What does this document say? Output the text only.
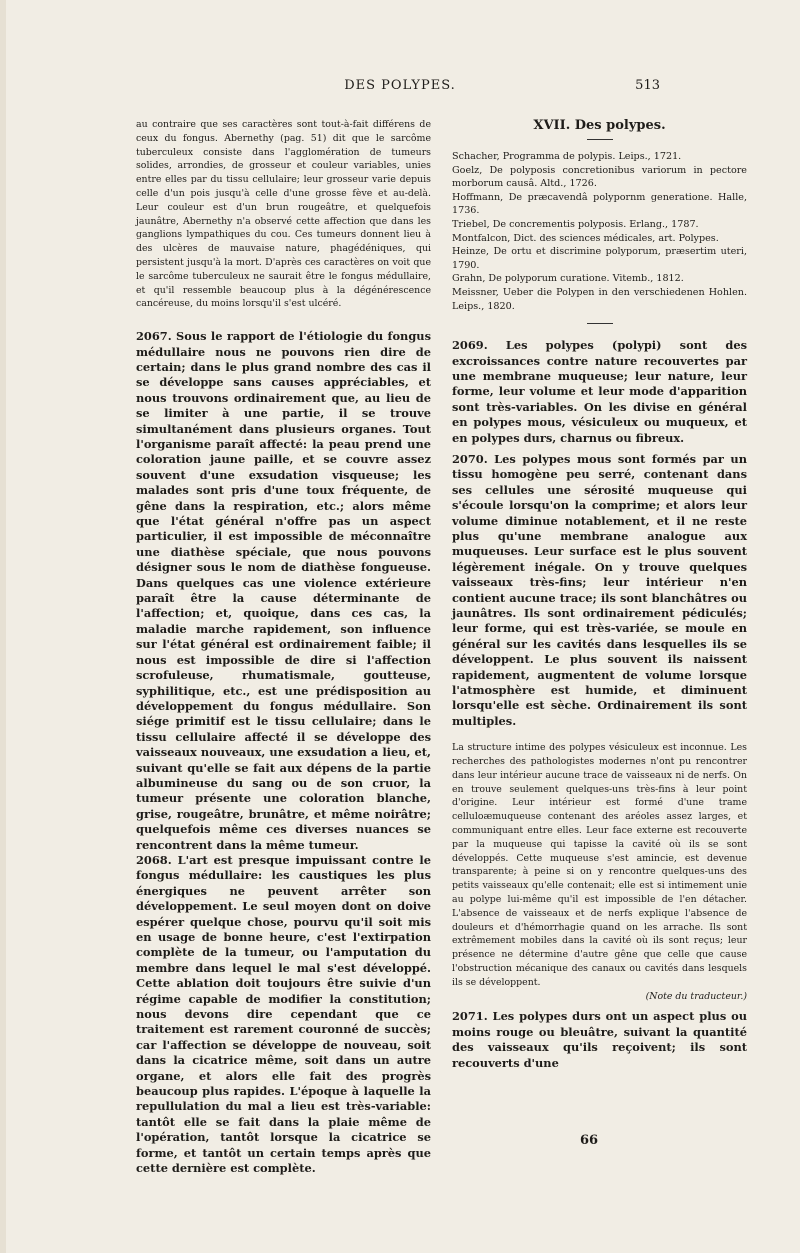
DES POLYPES.	513

au contraire que ses caractères sont tout-à-fait différens de ceux du fongus. Abernethy (pag. 51) dit que le sarcôme tuberculeux consiste dans l'agglomération de tumeurs solides, arrondies, de grosseur et couleur variables, unies entre elles par du tissu cellulaire; leur grosseur varie depuis celle d'un pois jusqu'à celle d'une grosse fève et au-delà. Leur couleur est d'un brun rougeâtre, et quelquefois jaunâtre, Abernethy n'a observé cette affection que dans les ganglions lympathiques du cou. Ces tumeurs donnent lieu à des ulcères de mauvaise nature, phagédéniques, qui persistent jusqu'à la mort. D'après ces caractères on voit que le sarcôme tuberculeux ne saurait être le fongus médullaire, et qu'il ressemble beaucoup plus à la dégénérescence cancéreuse, du moins lorsqu'il s'est ulcéré.

2067. Sous le rapport de l'étiologie du fongus médullaire nous ne pouvons rien dire de certain; dans le plus grand nombre des cas il se développe sans causes appréciables, et nous trouvons ordinairement que, au lieu de se limiter à une partie, il se trouve simultanément dans plusieurs organes. Tout l'organisme paraît affecté: la peau prend une coloration jaune paille, et se couvre assez souvent d'une exsudation visqueuse; les malades sont pris d'une toux fréquente, de gêne dans la respiration, etc.; alors même que l'état général n'offre pas un aspect particulier, il est impossible de méconnaître une diathèse spéciale, que nous pouvons désigner sous le nom de diathèse fongueuse. Dans quelques cas une violence extérieure paraît être la cause déterminante de l'affection; et, quoique, dans ces cas, la maladie marche rapidement, son influence sur l'état général est ordinairement faible; il nous est impossible de dire si l'affection scrofuleuse, rhumatismale, goutteuse, syphilitique, etc., est une prédisposition au développement du fongus médullaire. Son siége primitif est le tissu cellulaire; dans le tissu cellulaire affecté il se développe des vaisseaux nouveaux, une exsudation a lieu, et, suivant qu'elle se fait aux dépens de la partie albumineuse du sang ou de son cruor, la tumeur présente une coloration blanche, grise, rougeâtre, brunâtre, et même noirâtre; quelquefois même ces diverses nuances se rencontrent dans la même tumeur.

2068. L'art est presque impuissant contre le fongus médullaire: les caustiques les plus énergiques ne peuvent arrêter son développement. Le seul moyen dont on doive espérer quelque chose, pourvu qu'il soit mis en usage de bonne heure, c'est l'extirpation complète de la tumeur, ou l'amputation du membre dans lequel le mal s'est développé. Cette ablation doit toujours être suivie d'un régime capable de modifier la constitution; nous devons dire cependant que ce traitement est rarement couronné de succès; car l'affection se développe de nouveau, soit dans la cicatrice même, soit dans un autre organe, et alors elle fait des progrès beaucoup plus rapides. L'époque à laquelle la repullulation du mal a lieu est très-variable: tantôt elle se fait dans la plaie même de l'opération, tantôt lorsque la cicatrice se forme, et tantôt un certain temps après que cette dernière est complète.

XVII. Des polypes.

Schacher, Programma de polypis. Leips., 1721.

Goelz, De polyposis concretionibus variorum in pectore morborum causâ. Altd., 1726.

Hoffmann, De præcavendâ polypornm generatione. Halle, 1736.

Triebel, De concrementis polyposis. Erlang., 1787.

Montfalcon, Dict. des sciences médicales, art. Polypes.

Heinze, De ortu et discrimine polyporum, præsertim uteri, 1790.

Grahn, De polyporum curatione. Vitemb., 1812.

Meissner, Ueber die Polypen in den verschiedenen Hohlen. Leips., 1820.

2069. Les polypes (polypi) sont des excroissances contre nature recouvertes par une membrane muqueuse; leur nature, leur forme, leur volume et leur mode d'apparition sont très-variables. On les divise en général en polypes mous, vésiculeux ou muqueux, et en polypes durs, charnus ou fibreux.

2070. Les polypes mous sont formés par un tissu homogène peu serré, contenant dans ses cellules une sérosité muqueuse qui s'écoule lorsqu'on la comprime; et alors leur volume diminue notablement, et il ne reste plus qu'une membrane analogue aux muqueuses. Leur surface est le plus souvent légèrement inégale. On y trouve quelques vaisseaux très-fins; leur intérieur n'en contient aucune trace; ils sont blanchâtres ou jaunâtres. Ils sont ordinairement pédiculés; leur forme, qui est très-variée, se moule en général sur les cavités dans lesquelles ils se développent. Le plus souvent ils naissent rapidement, augmentent de volume lorsque l'atmosphère est humide, et diminuent lorsqu'elle est sèche. Ordinairement ils sont multiples.

La structure intime des polypes vésiculeux est inconnue. Les recherches des pathologistes modernes n'ont pu rencontrer dans leur intérieur aucune trace de vaisseaux ni de nerfs. On en trouve seulement quelques-uns très-fins à leur point d'origine. Leur intérieur est formé d'une trame celluloæmuqueuse contenant des aréoles assez larges, et communiquant entre elles. Leur face externe est recouverte par la muqueuse qui tapisse la cavité où ils se sont développés. Cette muqueuse s'est amincie, est devenue transparente; à peine si on y rencontre quelques-uns des petits vaisseaux qu'elle contenait; elle est si intimement unie au polype lui-même qu'il est impossible de l'en détacher. L'absence de vaisseaux et de nerfs explique l'absence de douleurs et d'hémorrhagie quand on les arrache. Ils sont extrêmement mobiles dans la cavité où ils sont reçus; leur présence ne détermine d'autre gêne que celle que cause l'obstruction mécanique des canaux ou cavités dans lesquels ils se développent.

(Note du traducteur.)

2071. Les polypes durs ont un aspect plus ou moins rouge ou bleuâtre, suivant la quantité des vaisseaux qu'ils reçoivent; ils sont recouverts d'une

66
